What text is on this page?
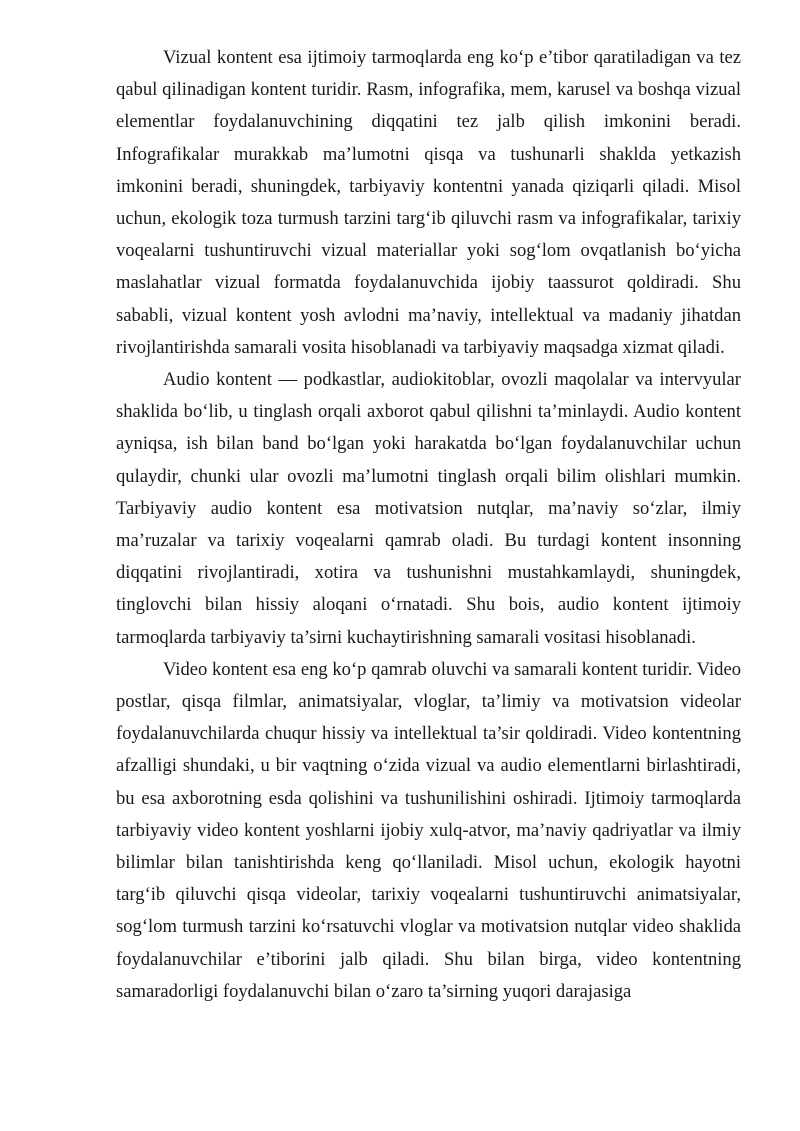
Vizual kontent esa ijtimoiy tarmoqlarda eng ko‘p e’tibor qaratiladigan va tez qabul qilinadigan kontent turidir. Rasm, infografika, mem, karusel va boshqa vizual elementlar foydalanuvchining diqqatini tez jalb qilish imkonini beradi. Infografikalar murakkab ma’lumotni qisqa va tushunarli shaklda yetkazish imkonini beradi, shuningdek, tarbiyaviy kontentni yanada qiziqarli qiladi. Misol uchun, ekologik toza turmush tarzini targ‘ib qiluvchi rasm va infografikalar, tarixiy voqealarni tushuntiruvchi vizual materiallar yoki sog‘lom ovqatlanish bo‘yicha maslahatlar vizual formatda foydalanuvchida ijobiy taassurot qoldiradi. Shu sababli, vizual kontent yosh avlodni ma’naviy, intellektual va madaniy jihatdan rivojlantirishda samarali vosita hisoblanadi va tarbiyaviy maqsadga xizmat qiladi.

Audio kontent — podkastlar, audiokitoblar, ovozli maqolalar va intervyular shaklida bo‘lib, u tinglash orqali axborot qabul qilishni ta’minlaydi. Audio kontent ayniqsa, ish bilan band bo‘lgan yoki harakatda bo‘lgan foydalanuvchilar uchun qulaydir, chunki ular ovozli ma’lumotni tinglash orqali bilim olishlari mumkin. Tarbiyaviy audio kontent esa motivatsion nutqlar, ma’naviy so‘zlar, ilmiy ma’ruzalar va tarixiy voqealarni qamrab oladi. Bu turdagi kontent insonning diqqatini rivojlantiradi, xotira va tushunishni mustahkamlaydi, shuningdek, tinglovchi bilan hissiy aloqani o‘rnatadi. Shu bois, audio kontent ijtimoiy tarmoqlarda tarbiyaviy ta’sirni kuchaytirishning samarali vositasi hisoblanadi.

Video kontent esa eng ko‘p qamrab oluvchi va samarali kontent turidir. Video postlar, qisqa filmlar, animatsiyalar, vloglar, ta’limiy va motivatsion videolar foydalanuvchilarda chuqur hissiy va intellektual ta’sir qoldiradi. Video kontentning afzalligi shundaki, u bir vaqtning o‘zida vizual va audio elementlarni birlashtiradi, bu esa axborotning esda qolishini va tushunilishini oshiradi. Ijtimoiy tarmoqlarda tarbiyaviy video kontent yoshlarni ijobiy xulq-atvor, ma’naviy qadriyatlar va ilmiy bilimlar bilan tanishtirishda keng qo‘llaniladi. Misol uchun, ekologik hayotni targ‘ib qiluvchi qisqa videolar, tarixiy voqealarni tushuntiruvchi animatsiyalar, sog‘lom turmush tarzini ko‘rsatuvchi vloglar va motivatsion nutqlar video shaklida foydalanuvchilar e’tiborini jalb qiladi. Shu bilan birga, video kontentning samaradorligi foydalanuvchi bilan o‘zaro ta’sirning yuqori darajasiga
